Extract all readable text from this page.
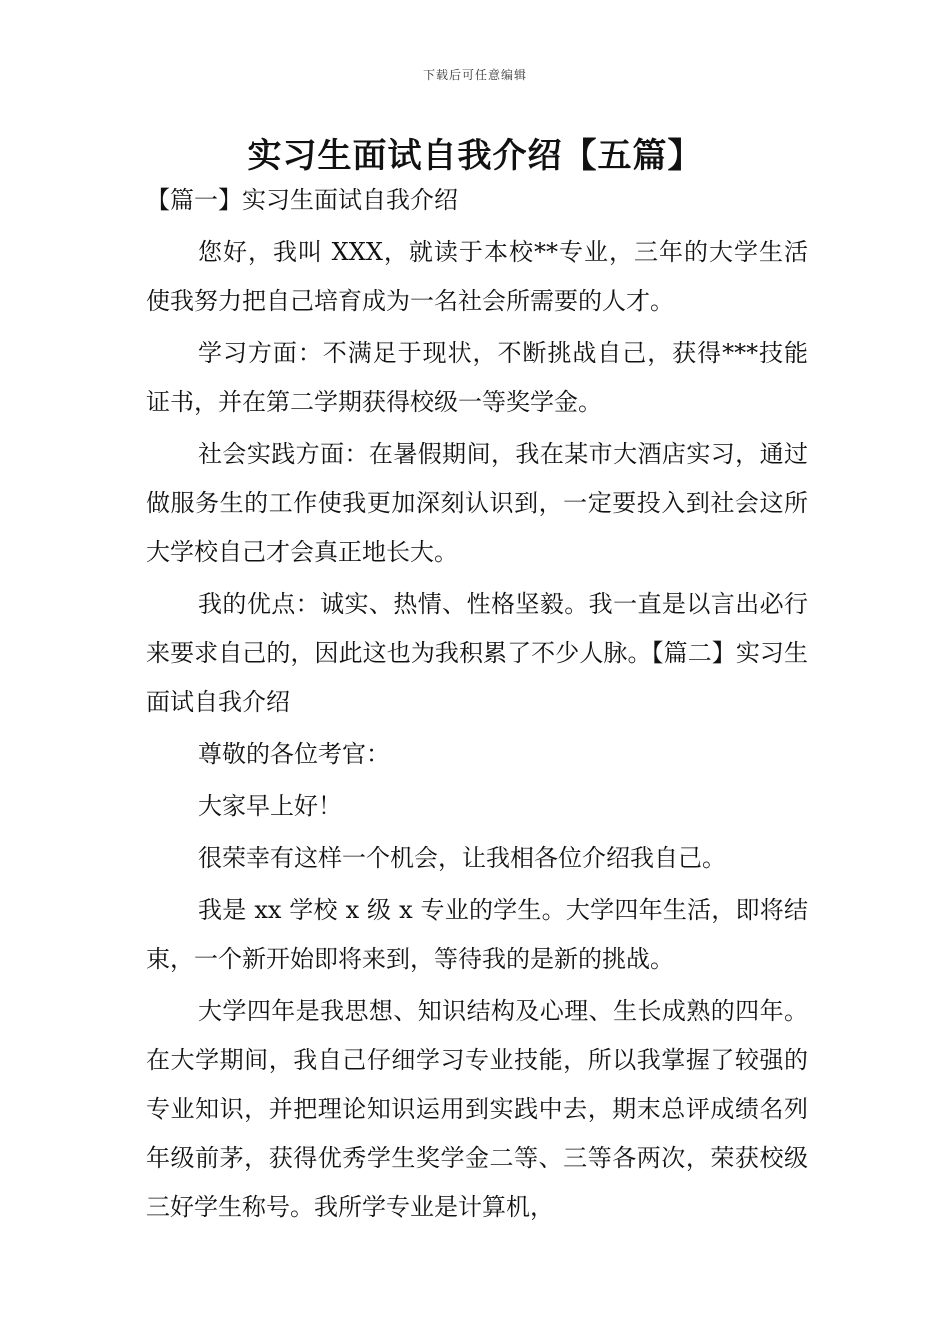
下载后可任意编辑
实习生面试自我介绍【五篇】

【篇一】实习生面试自我介绍

您好，我叫 XXX，就读于本校**专业，三年的大学生活使我努力把自己培育成为一名社会所需要的人才。

学习方面：不满足于现状，不断挑战自己，获得***技能证书，并在第二学期获得校级一等奖学金。

社会实践方面：在暑假期间，我在某市大酒店实习，通过做服务生的工作使我更加深刻认识到，一定要投入到社会这所大学校自己才会真正地长大。

我的优点：诚实、热情、性格坚毅。我一直是以言出必行来要求自己的，因此这也为我积累了不少人脉。【篇二】实习生面试自我介绍

尊敬的各位考官：

大家早上好！

很荣幸有这样一个机会，让我相各位介绍我自己。

我是 xx 学校 x 级 x 专业的学生。大学四年生活，即将结束，一个新开始即将来到，等待我的是新的挑战。

大学四年是我思想、知识结构及心理、生长成熟的四年。在大学期间，我自己仔细学习专业技能，所以我掌握了较强的专业知识，并把理论知识运用到实践中去，期末总评成绩名列年级前茅，获得优秀学生奖学金二等、三等各两次，荣获校级三好学生称号。我所学专业是计算机，
